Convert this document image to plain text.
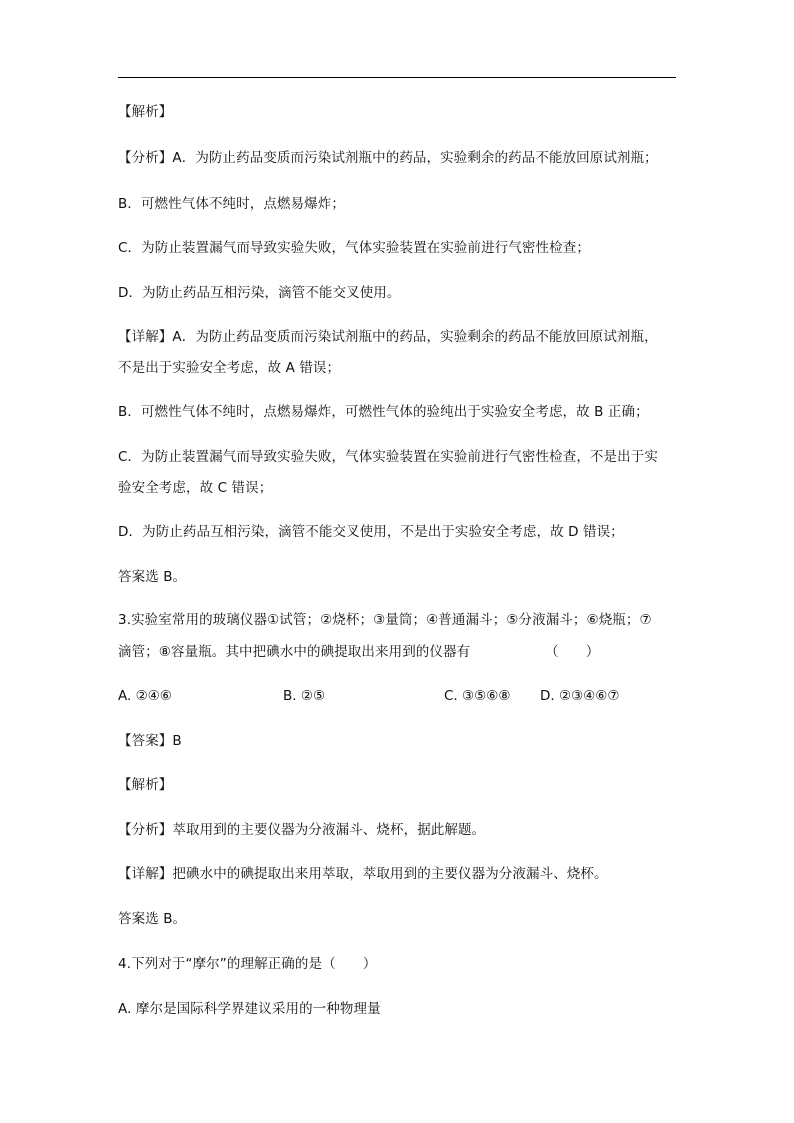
【解析】
【分析】A．为防止药品变质而污染试剂瓶中的药品，实验剩余的药品不能放回原试剂瓶；
B．可燃性气体不纯时，点燃易爆炸；
C．为防止装置漏气而导致实验失败，气体实验装置在实验前进行气密性检查；
D．为防止药品互相污染，滴管不能交叉使用。
【详解】A．为防止药品变质而污染试剂瓶中的药品，实验剩余的药品不能放回原试剂瓶，
不是出于实验安全考虑，故 A 错误；
B．可燃性气体不纯时，点燃易爆炸，可燃性气体的验纯出于实验安全考虑，故 B 正确；
C．为防止装置漏气而导致实验失败，气体实验装置在实验前进行气密性检查，不是出于实
验安全考虑，故 C 错误；
D．为防止药品互相污染，滴管不能交叉使用，不是出于实验安全考虑，故 D 错误；
答案选 B。
3.实验室常用的玻璃仪器①试管；②烧杯；③量筒；④普通漏斗；⑤分液漏斗；⑥烧瓶；⑦
滴管；⑧容量瓶。其中把碘水中的碘提取出来用到的仪器有　　　　　　（　　）
A. ②④⑥	B. ②⑤	C. ③⑤⑥⑧ D. ②③④⑥⑦
【答案】B
【解析】
【分析】萃取用到的主要仪器为分液漏斗、烧杯，据此解题。
【详解】把碘水中的碘提取出来用萃取，萃取用到的主要仪器为分液漏斗、烧杯。
答案选 B。
4.下列对于“摩尔”的理解正确的是（　　）
A. 摩尔是国际科学界建议采用的一种物理量
